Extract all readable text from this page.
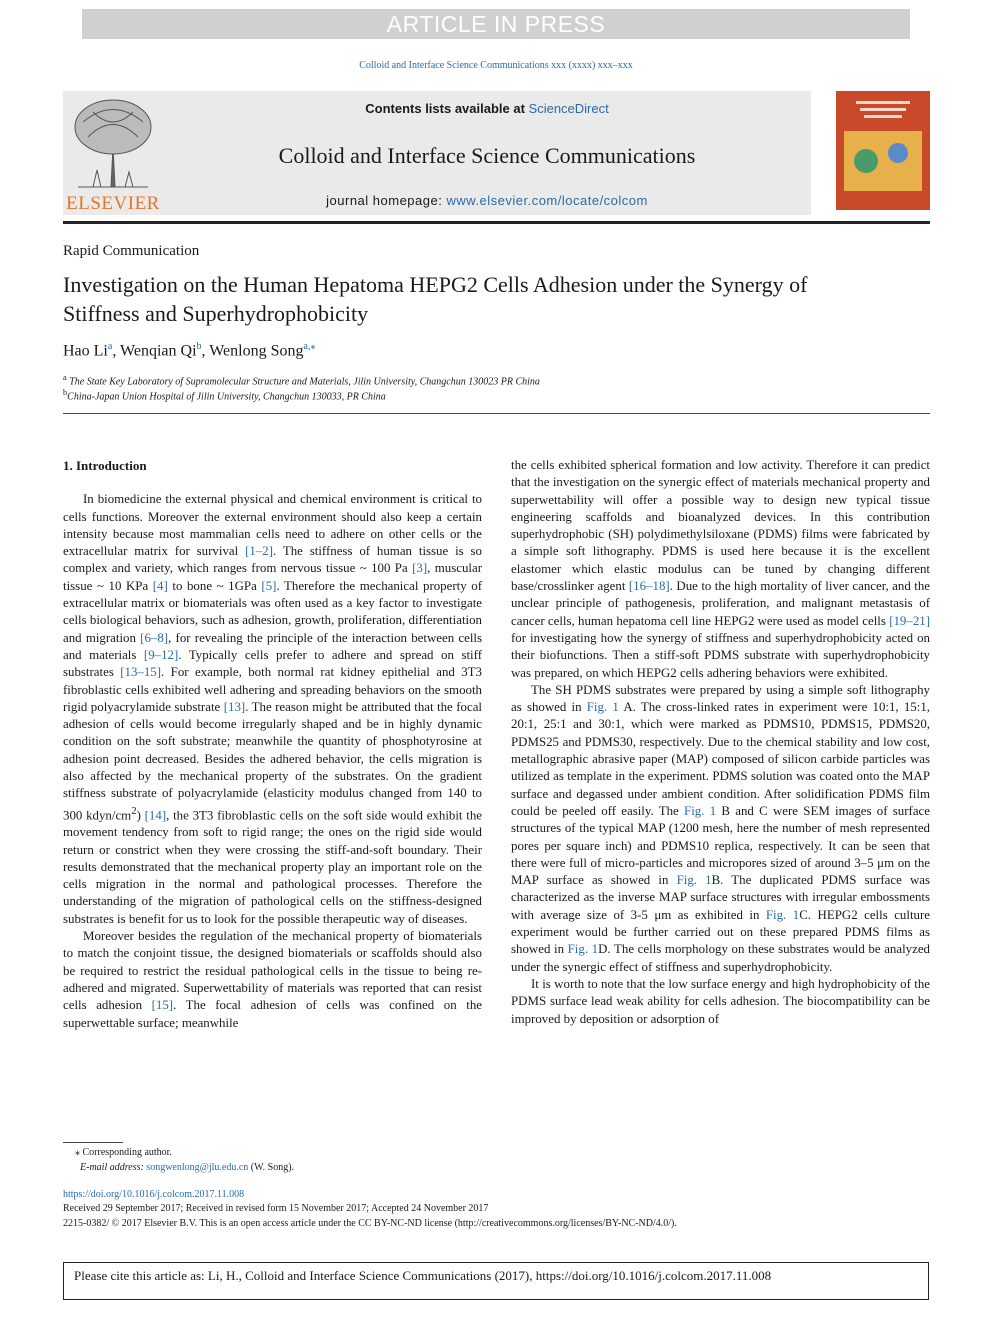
ARTICLE IN PRESS
Colloid and Interface Science Communications xxx (xxxx) xxx–xxx
ELSEVIER
Contents lists available at ScienceDirect
Colloid and Interface Science Communications
journal homepage: www.elsevier.com/locate/colcom
Rapid Communication
Investigation on the Human Hepatoma HEPG2 Cells Adhesion under the Synergy of Stiffness and Superhydrophobicity
Hao Li$^a$, Wenqian Qi$^b$, Wenlong Song$^{a,⁎}$
$^a$ The State Key Laboratory of Supramolecular Structure and Materials, Jilin University, Changchun 130023 PR China
$^b$China-Japan Union Hospital of Jilin University, Changchun 130033, PR China

1. Introduction

In biomedicine the external physical and chemical environment is critical to cells functions. Moreover the external environment should also keep a certain intensity because most mammalian cells need to adhere on other cells or the extracellular matrix for survival [1–2]. The stiffness of human tissue is so complex and variety, which ranges from nervous tissue ~ 100 Pa [3], muscular tissue ~ 10 KPa [4] to bone ~ 1GPa [5]. Therefore the mechanical property of extracellular matrix or biomaterials was often used as a key factor to investigate cells biological behaviors, such as adhesion, growth, proliferation, differentiation and migration [6–8], for revealing the principle of the interaction between cells and materials [9–12]. Typically cells prefer to adhere and spread on stiff substrates [13–15]. For example, both normal rat kidney epithelial and 3T3 fibroblastic cells exhibited well adhering and spreading behaviors on the smooth rigid polyacrylamide substrate [13]. The reason might be attributed that the focal adhesion of cells would become irregularly shaped and be in highly dynamic condition on the soft substrate; meanwhile the quantity of phosphotyrosine at adhesion point decreased. Besides the adhered behavior, the cells migration is also affected by the mechanical property of the substrates. On the gradient stiffness substrate of polyacrylamide (elasticity modulus changed from 140 to 300 kdyn/$cm^2$) [14], the 3T3 fibroblastic cells on the soft side would exhibit the movement tendency from soft to rigid range; the ones on the rigid side would return or constrict when they were crossing the stiff-and-soft boundary. Their results demonstrated that the mechanical property play an important role on the cells migration in the normal and pathological processes. Therefore the understanding of the migration of pathological cells on the stiffness-designed substrates is benefit for us to look for the possible therapeutic way of diseases.

Moreover besides the regulation of the mechanical property of biomaterials to match the conjoint tissue, the designed biomaterials or scaffolds should also be required to restrict the residual pathological cells in the tissue to being re-adhered and migrated. Superwettability of materials was reported that can resist cells adhesion [15]. The focal adhesion of cells was confined on the superwettable surface; meanwhile

the cells exhibited spherical formation and low activity. Therefore it can predict that the investigation on the synergic effect of materials mechanical property and superwettability will offer a possible way to design new typical tissue engineering scaffolds and bioanalyzed devices. In this contribution superhydrophobic (SH) polydimethylsiloxane (PDMS) films were fabricated by a simple soft lithography. PDMS is used here because it is the excellent elastomer which elastic modulus can be tuned by changing different base/crosslinker agent [16–18]. Due to the high mortality of liver cancer, and the unclear principle of pathogenesis, proliferation, and malignant metastasis of cancer cells, human hepatoma cell line HEPG2 were used as model cells [19–21] for investigating how the synergy of stiffness and superhydrophobicity acted on their biofunctions. Then a stiff-soft PDMS substrate with superhydrophobicity was prepared, on which HEPG2 cells adhering behaviors were exhibited.

The SH PDMS substrates were prepared by using a simple soft lithography as showed in Fig. 1 A. The cross-linked rates in experiment were 10:1, 15:1, 20:1, 25:1 and 30:1, which were marked as PDMS10, PDMS15, PDMS20, PDMS25 and PDMS30, respectively. Due to the chemical stability and low cost, metallographic abrasive paper (MAP) composed of silicon carbide particles was utilized as template in the experiment. PDMS solution was coated onto the MAP surface and degassed under ambient condition. After solidification PDMS film could be peeled off easily. The Fig. 1 B and C were SEM images of surface structures of the typical MAP (1200 mesh, here the number of mesh represented pores per square inch) and PDMS10 replica, respectively. It can be seen that there were full of micro-particles and micropores sized of around 3–5 μm on the MAP surface as showed in Fig. 1B. The duplicated PDMS surface was characterized as the inverse MAP surface structures with irregular embossments with average size of 3-5 μm as exhibited in Fig. 1C. HEPG2 cells culture experiment would be further carried out on these prepared PDMS films as showed in Fig. 1D. The cells morphology on these substrates would be analyzed under the synergic effect of stiffness and superhydrophobicity.

It is worth to note that the low surface energy and high hydrophobicity of the PDMS surface lead weak ability for cells adhesion. The biocompatibility can be improved by deposition or adsorption of

⁎ Corresponding author.
E-mail address: songwenlong@jlu.edu.cn (W. Song).
https://doi.org/10.1016/j.colcom.2017.11.008
Received 29 September 2017; Received in revised form 15 November 2017; Accepted 24 November 2017
2215-0382/ © 2017 Elsevier B.V. This is an open access article under the CC BY-NC-ND license (http://creativecommons.org/licenses/BY-NC-ND/4.0/).
Please cite this article as: Li, H., Colloid and Interface Science Communications (2017), https://doi.org/10.1016/j.colcom.2017.11.008
